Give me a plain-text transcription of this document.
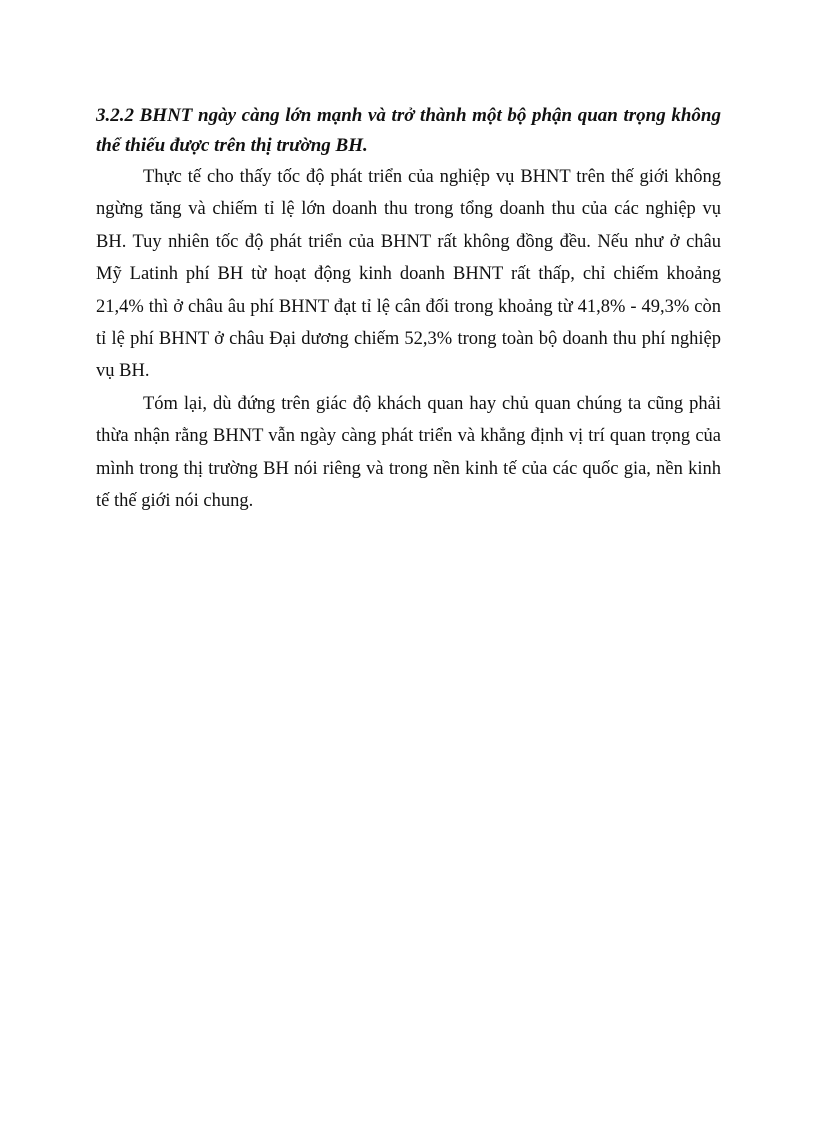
3.2.2 BHNT ngày càng lớn mạnh và trở thành một bộ phận quan trọng không
thể thiếu được trên thị trường BH.

Thực tế cho thấy tốc độ phát triển của nghiệp vụ BHNT trên thế giới không ngừng tăng và chiếm tỉ lệ lớn doanh thu trong tổng doanh thu của các nghiệp vụ BH. Tuy nhiên tốc độ phát triển của BHNT rất không đồng đều. Nếu như ở châu Mỹ Latinh phí BH từ hoạt động kinh doanh BHNT rất thấp, chỉ chiếm khoảng 21,4% thì ở châu âu phí BHNT đạt tỉ lệ cân đối trong khoảng từ 41,8% - 49,3% còn tỉ lệ phí BHNT ở châu Đại dương chiếm 52,3% trong toàn bộ doanh thu phí nghiệp vụ BH.

Tóm lại, dù đứng trên giác độ khách quan hay chủ quan chúng ta cũng phải thừa nhận rằng BHNT vẫn ngày càng phát triển và khẳng định vị trí quan trọng của mình trong thị trường BH nói riêng và trong nền kinh tế của các quốc gia, nền kinh tế thế giới nói chung.
